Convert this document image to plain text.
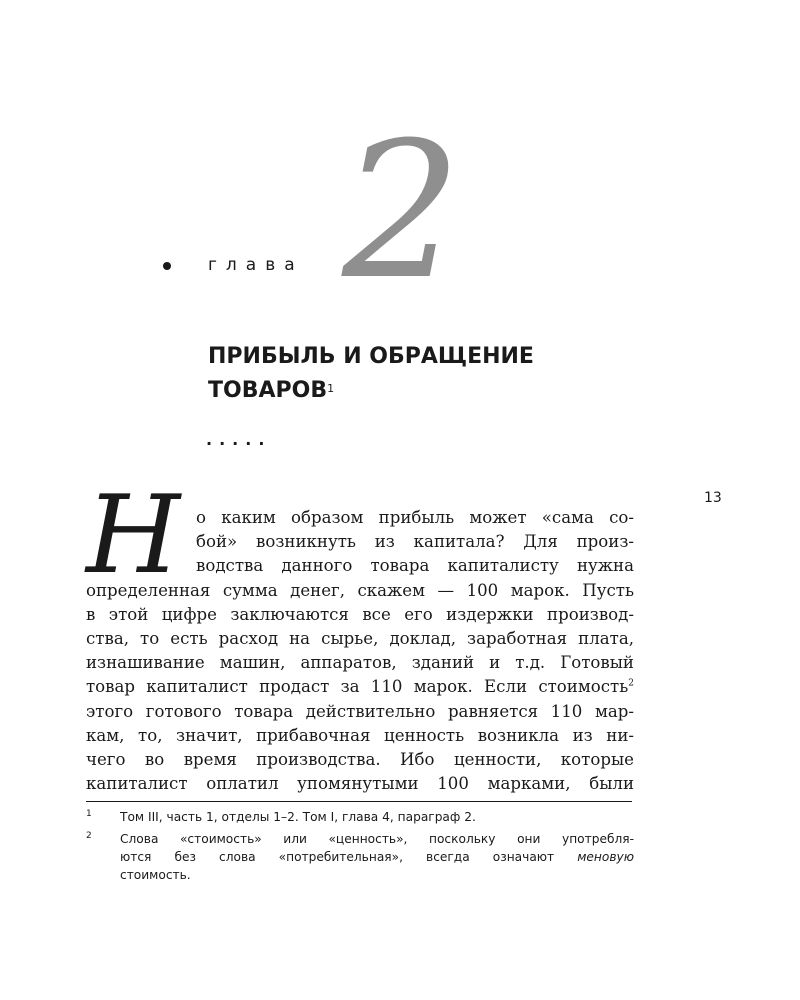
глава 2
ПРИБЫЛЬ И ОБРАЩЕНИЕ
ТОВАРОВ$^1$
.....
13
Н о каким образом прибыль может «сама со-
бой» возникнуть из капитала? Для произ-
водства данного товара капиталисту нужна
определенная сумма денег, скажем — 100 марок. Пусть
в этой цифре заключаются все его издержки производ-
ства, то есть расход на сырье, доклад, заработная плата,
изнашивание машин, аппаратов, зданий и т.д. Готовый
товар капиталист продаст за 110 марок. Если стоимость$^2$
этого готового товара действительно равняется 110 мар-
кам, то, значит, прибавочная ценность возникла из ни-
чего во время производства. Ибо ценности, которые
капиталист оплатил упомянутыми 100 марками, были
1 Том III, часть 1, отделы 1–2. Том I, глава 4, параграф 2.
2 Слова «стоимость» или «ценность», поскольку они употребля-
ются без слова «потребительная», всегда означают меновую
стоимость.
